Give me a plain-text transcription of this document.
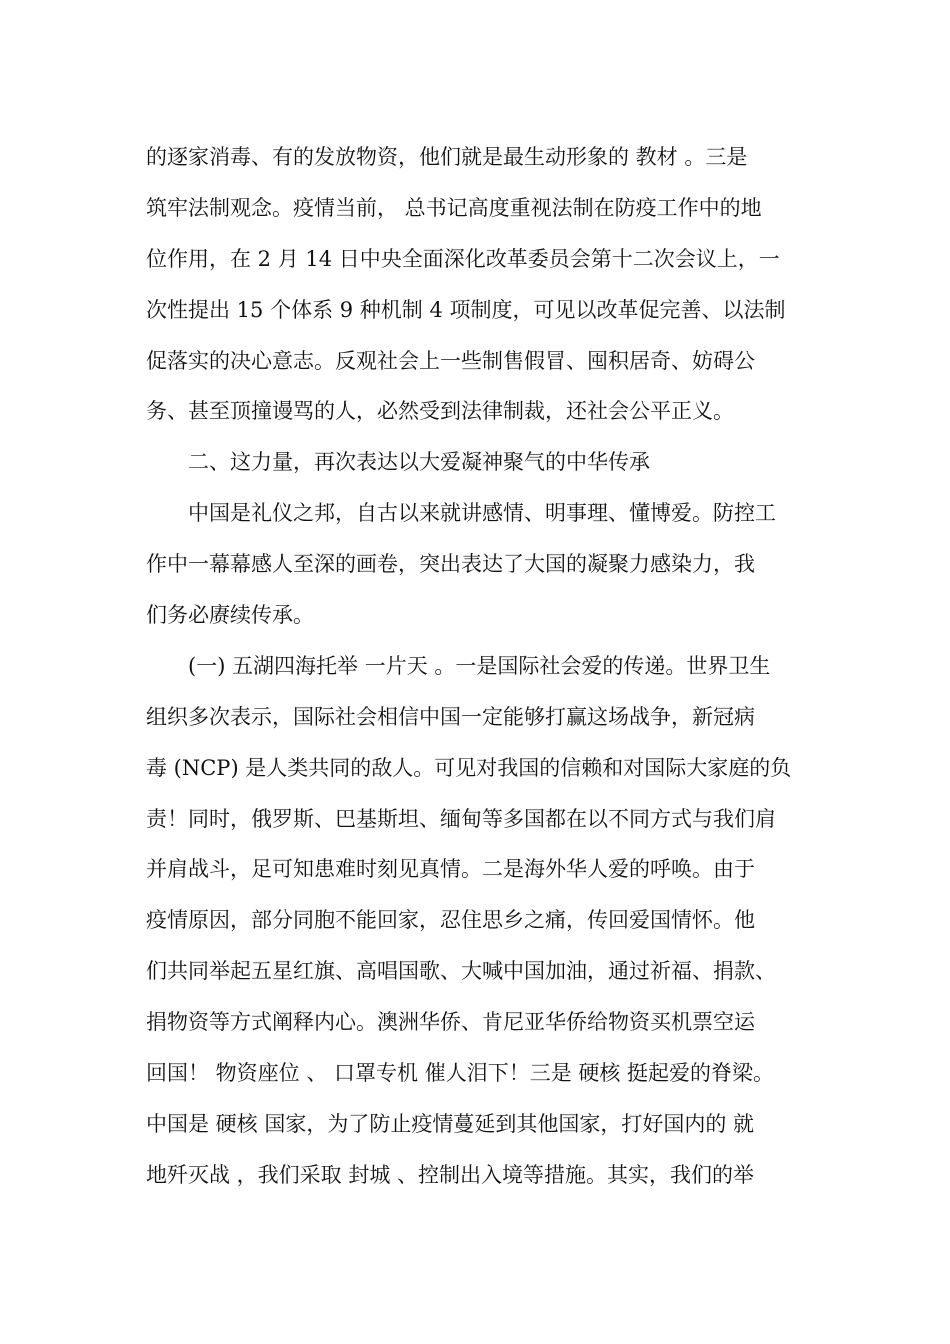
的逐家消毒、有的发放物资，他们就是最生动形象的 教材 。三是
筑牢法制观念。疫情当前， 总书记高度重视法制在防疫工作中的地
位作用，在 2 月 14 日中央全面深化改革委员会第十二次会议上，一
次性提出 15 个体系 9 种机制 4 项制度，可见以改革促完善、以法制
促落实的决心意志。反观社会上一些制售假冒、囤积居奇、妨碍公
务、甚至顶撞谩骂的人，必然受到法律制裁，还社会公平正义。
　　二、这力量，再次表达以大爱凝神聚气的中华传承
　　中国是礼仪之邦，自古以来就讲感情、明事理、懂博爱。防控工
作中一幕幕感人至深的画卷，突出表达了大国的凝聚力感染力，我
们务必赓续传承。
　　(一) 五湖四海托举 一片天 。一是国际社会爱的传递。世界卫生
组织多次表示，国际社会相信中国一定能够打赢这场战争，新冠病
毒 (NCP) 是人类共同的敌人。可见对我国的信赖和对国际大家庭的负
责！同时，俄罗斯、巴基斯坦、缅甸等多国都在以不同方式与我们肩
并肩战斗，足可知患难时刻见真情。二是海外华人爱的呼唤。由于
疫情原因，部分同胞不能回家，忍住思乡之痛，传回爱国情怀。他
们共同举起五星红旗、高唱国歌、大喊中国加油，通过祈福、捐款、
捐物资等方式阐释内心。澳洲华侨、肯尼亚华侨给物资买机票空运
回国！ 物资座位 、 口罩专机 催人泪下！三是 硬核 挺起爱的脊梁。
中国是 硬核 国家，为了防止疫情蔓延到其他国家，打好国内的 就
地歼灭战 ，我们采取 封城 、控制出入境等措施。其实，我们的举
